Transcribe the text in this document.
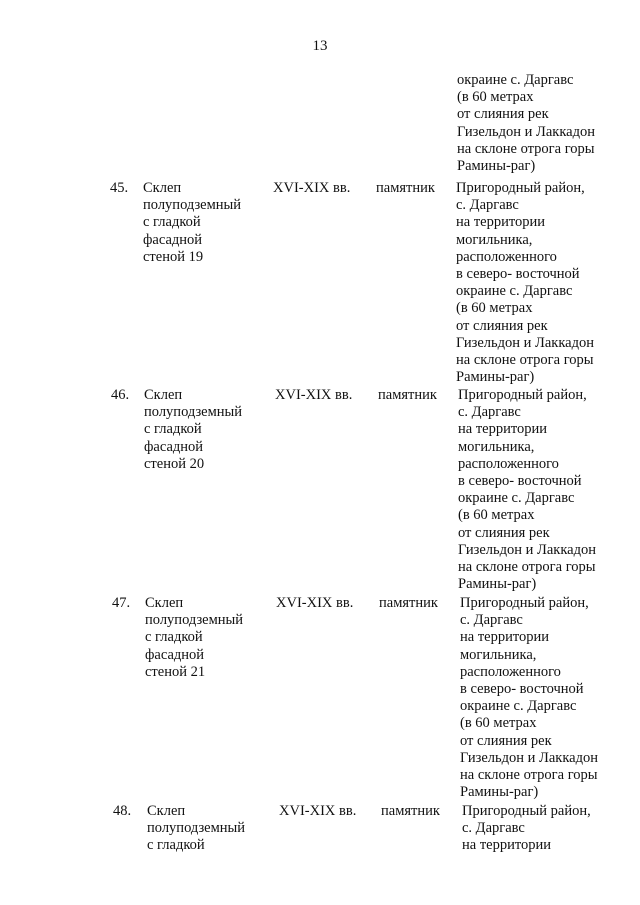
13
окраине с. Даргавс
(в 60 метрах
от слияния рек
Гизельдон и Лаккадон
на склоне отрога горы
Рамины-раг)
45. Склеп
полуподземный
с гладкой
фасадной
стеной 19
XVI-XIX вв. памятник Пригородный район,
с. Даргавс
на территории
могильника,
расположенного
в северо- восточной
окраине с. Даргавс
(в 60 метрах
от слияния рек
Гизельдон и Лаккадон
на склоне отрога горы
Рамины-раг)
46. Склеп
полуподземный
с гладкой
фасадной
стеной 20
XVI-XIX вв. памятник Пригородный район,
с. Даргавс
на территории
могильника,
расположенного
в северо- восточной
окраине с. Даргавс
(в 60 метрах
от слияния рек
Гизельдон и Лаккадон
на склоне отрога горы
Рамины-раг)
47. Склеп
полуподземный
с гладкой
фасадной
стеной 21
XVI-XIX вв. памятник Пригородный район,
с. Даргавс
на территории
могильника,
расположенного
в северо- восточной
окраине с. Даргавс
(в 60 метрах
от слияния рек
Гизельдон и Лаккадон
на склоне отрога горы
Рамины-раг)
48. Склеп
полуподземный
с гладкой
XVI-XIX вв. памятник Пригородный район,
с. Даргавс
на территории
